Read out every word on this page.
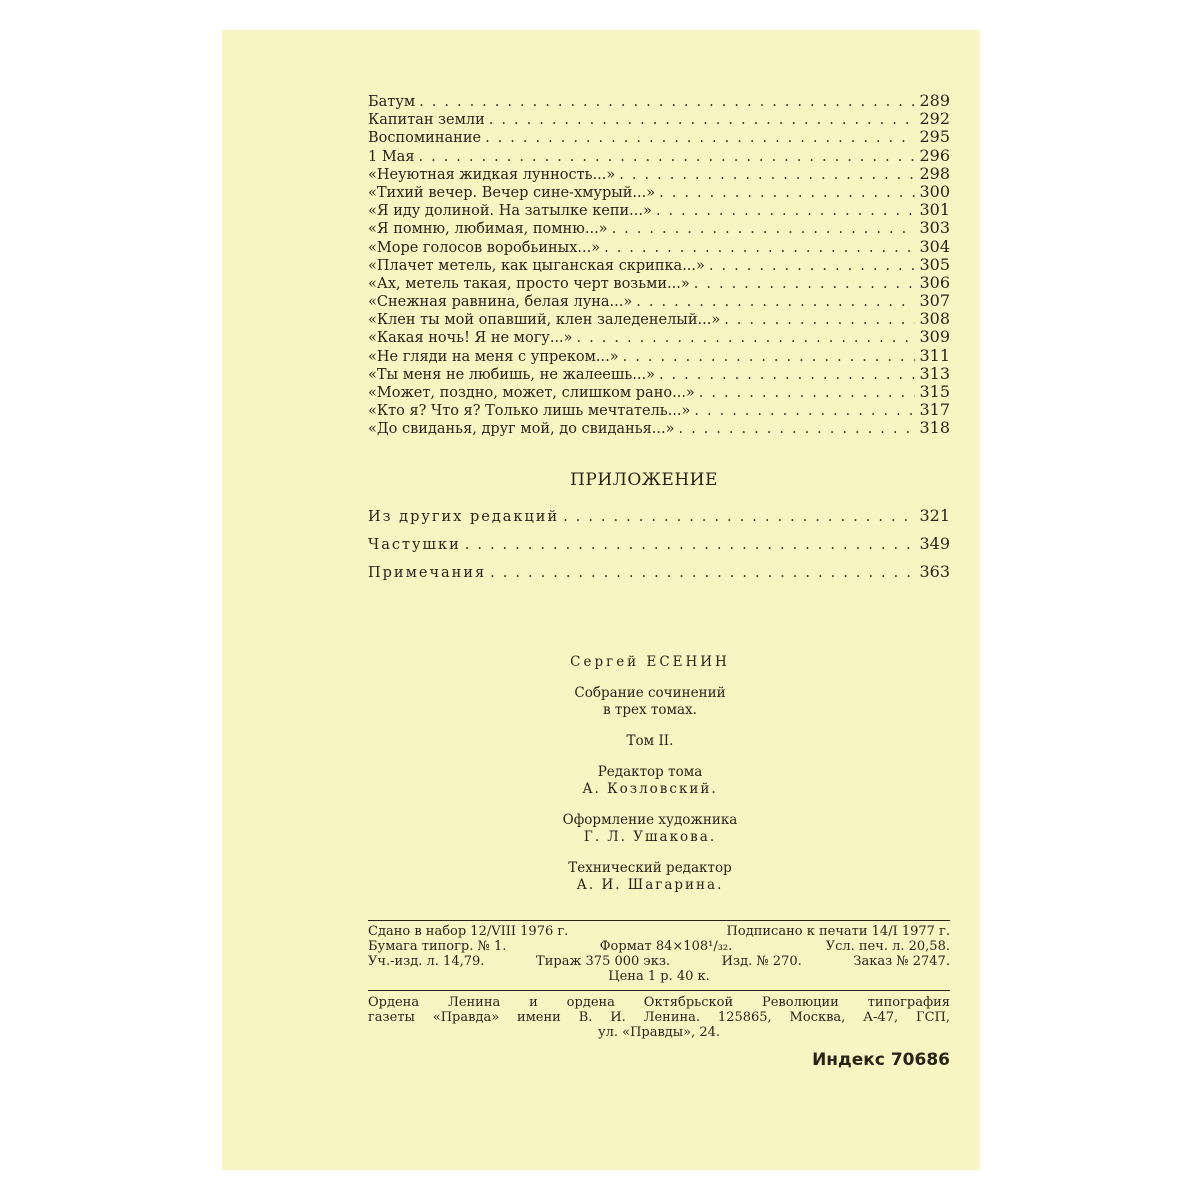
Батум .....	289
Капитан земли .....	292
Воспоминание .....	295
1 Мая .....	296
«Неуютная жидкая лунность...» .....	298
«Тихий вечер. Вечер сине-хмурый...» .....	300
«Я иду долиной. На затылке кепи...» .....	301
«Я помню, любимая, помню...» .....	303
«Море голосов воробьиных...» .....	304
«Плачет метель, как цыганская скрипка...» .....	305
«Ах, метель такая, просто черт возьми...» .....	306
«Снежная равнина, белая луна...» .....	307
«Клен ты мой опавший, клен заледенелый...» .....	308
«Какая ночь! Я не могу...» .....	309
«Не гляди на меня с упреком...» .....	311
«Ты меня не любишь, не жалеешь...» .....	313
«Может, поздно, может, слишком рано...» .....	315
«Кто я? Что я? Только лишь мечтатель...» .....	317
«До свиданья, друг мой, до свиданья...» .....	318
ПРИЛОЖЕНИЕ
Из других редакций .....	321
Частушки .....	349
Примечания .....	363
Сергей ЕСЕНИН
Собрание сочинений
в трех томах.
Том II.
Редактор тома
А. Козловский.
Оформление художника
Г. Л. Ушакова.
Технический редактор
А. И. Шагарина.
Сдано в набор 12/VIII 1976 г.	Подписано к печати 14/I 1977 г.
Бумага типогр. № 1.	Формат 84×108¹/₃₂.	Усл. печ. л. 20,58.
Уч.-изд. л. 14,79.	Тираж 375 000 экз.	Изд. № 270.	Заказ № 2747.
Цена 1 р. 40 к.
Ордена Ленина и ордена Октябрьской Революции типография
газеты «Правда» имени В. И. Ленина. 125865, Москва, А-47, ГСП,
ул. «Правды», 24.
Индекс 70686
